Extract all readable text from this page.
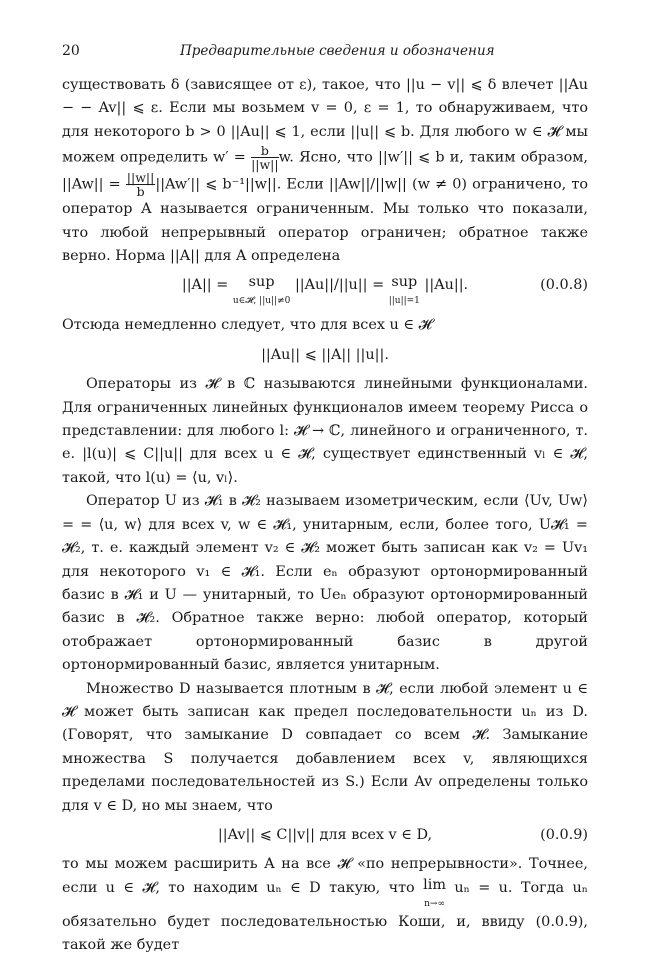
20	Предварительные сведения и обозначения

существовать δ (зависящее от ε), такое, что ||u − v|| ⩽ δ влечет ||Au − − Av|| ⩽ ε. Если мы возьмем v = 0, ε = 1, то обнаруживаем, что для некоторого b > 0 ||Au|| ⩽ 1, если ||u|| ⩽ b. Для любого w ∈ 𝓗 мы можем определить $w' = \frac{b}{||w||} w$. Ясно, что ||w′|| ⩽ b и, таким образом, $||Aw|| = \frac{||w||}{b} ||Aw'||$ ⩽ b⁻¹||w||. Если ||Aw||/||w|| (w ≠ 0) ограничено, то оператор A называется ограниченным. Мы только что показали, что любой непрерывный оператор ограничен; обратное также верно. Норма ||A|| для A определена

||A|| = sup
u∈𝓗, ||u||≠0 ||Au||/||u|| = sup
||u||=1 ||Au||.	(0.0.8)

Отсюда немедленно следует, что для всех u ∈ 𝓗

||Au|| ⩽ ||A|| ||u||.

Операторы из 𝓗 в ℂ называются линейными функционалами. Для ограниченных линейных функционалов имеем теорему Рисса о представлении: для любого l: 𝓗 → ℂ, линейного и ограниченного, т. е. |l(u)| ⩽ C||u|| для всех u ∈ 𝓗, существует единственный vₗ ∈ 𝓗, такой, что l(u) = ⟨u, vₗ⟩.

Оператор U из 𝓗₁ в 𝓗₂ называем изометрическим, если ⟨Uv, Uw⟩ = = ⟨u, w⟩ для всех v, w ∈ 𝓗₁, унитарным, если, более того, U𝓗₁ = 𝓗₂, т. е. каждый элемент v₂ ∈ 𝓗₂ может быть записан как v₂ = Uv₁ для некоторого v₁ ∈ 𝓗₁. Если eₙ образуют ортонормированный базис в 𝓗₁ и U — унитарный, то Ueₙ образуют ортонормированный базис в 𝓗₂. Обратное также верно: любой оператор, который отображает ортонормированный базис в другой ортонормированный базис, является унитарным.

Множество D называется плотным в 𝓗, если любой элемент u ∈ 𝓗 может быть записан как предел последовательности uₙ из D. (Говорят, что замыкание D совпадает со всем 𝓗. Замыкание множества S получается добавлением всех v, являющихся пределами последовательностей из S.) Если Av определены только для v ∈ D, но мы знаем, что

||Av|| ⩽ C||v|| для всех v ∈ D,	(0.0.9)

то мы можем расширить A на все 𝓗 «по непрерывности». Точнее, если u ∈ 𝓗, то находим uₙ ∈ D такую, что lim
n→∞ uₙ = u. Тогда uₙ обязательно будет последовательностью Коши, и, ввиду (0.0.9), такой же будет
